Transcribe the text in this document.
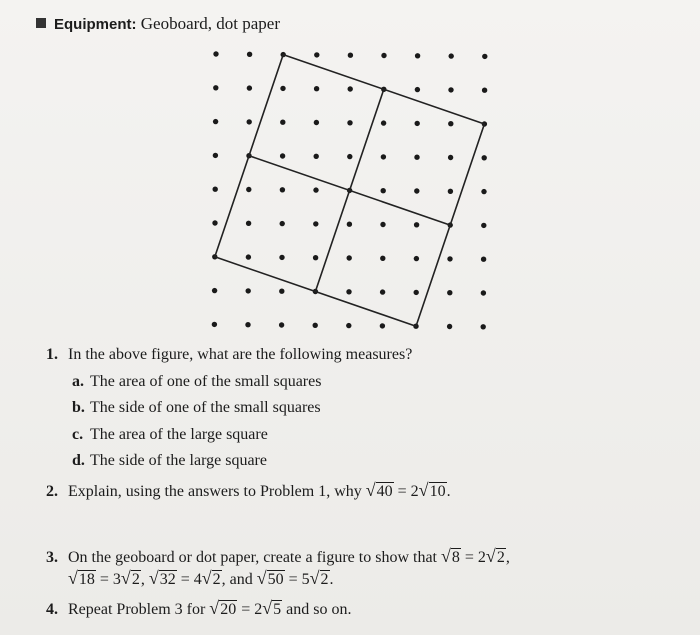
Equipment: Geoboard, dot paper
1. In the above figure, what are the following measures?
a. The area of one of the small squares
b. The side of one of the small squares
c. The area of the large square
d. The side of the large square
2. Explain, using the answers to Problem 1, why √40 = 2√10.
3. On the geoboard or dot paper, create a figure to show that √8 = 2√2,
√18 = 3√2, √32 = 4√2, and √50 = 5√2.
4. Repeat Problem 3 for √20 = 2√5 and so on.
